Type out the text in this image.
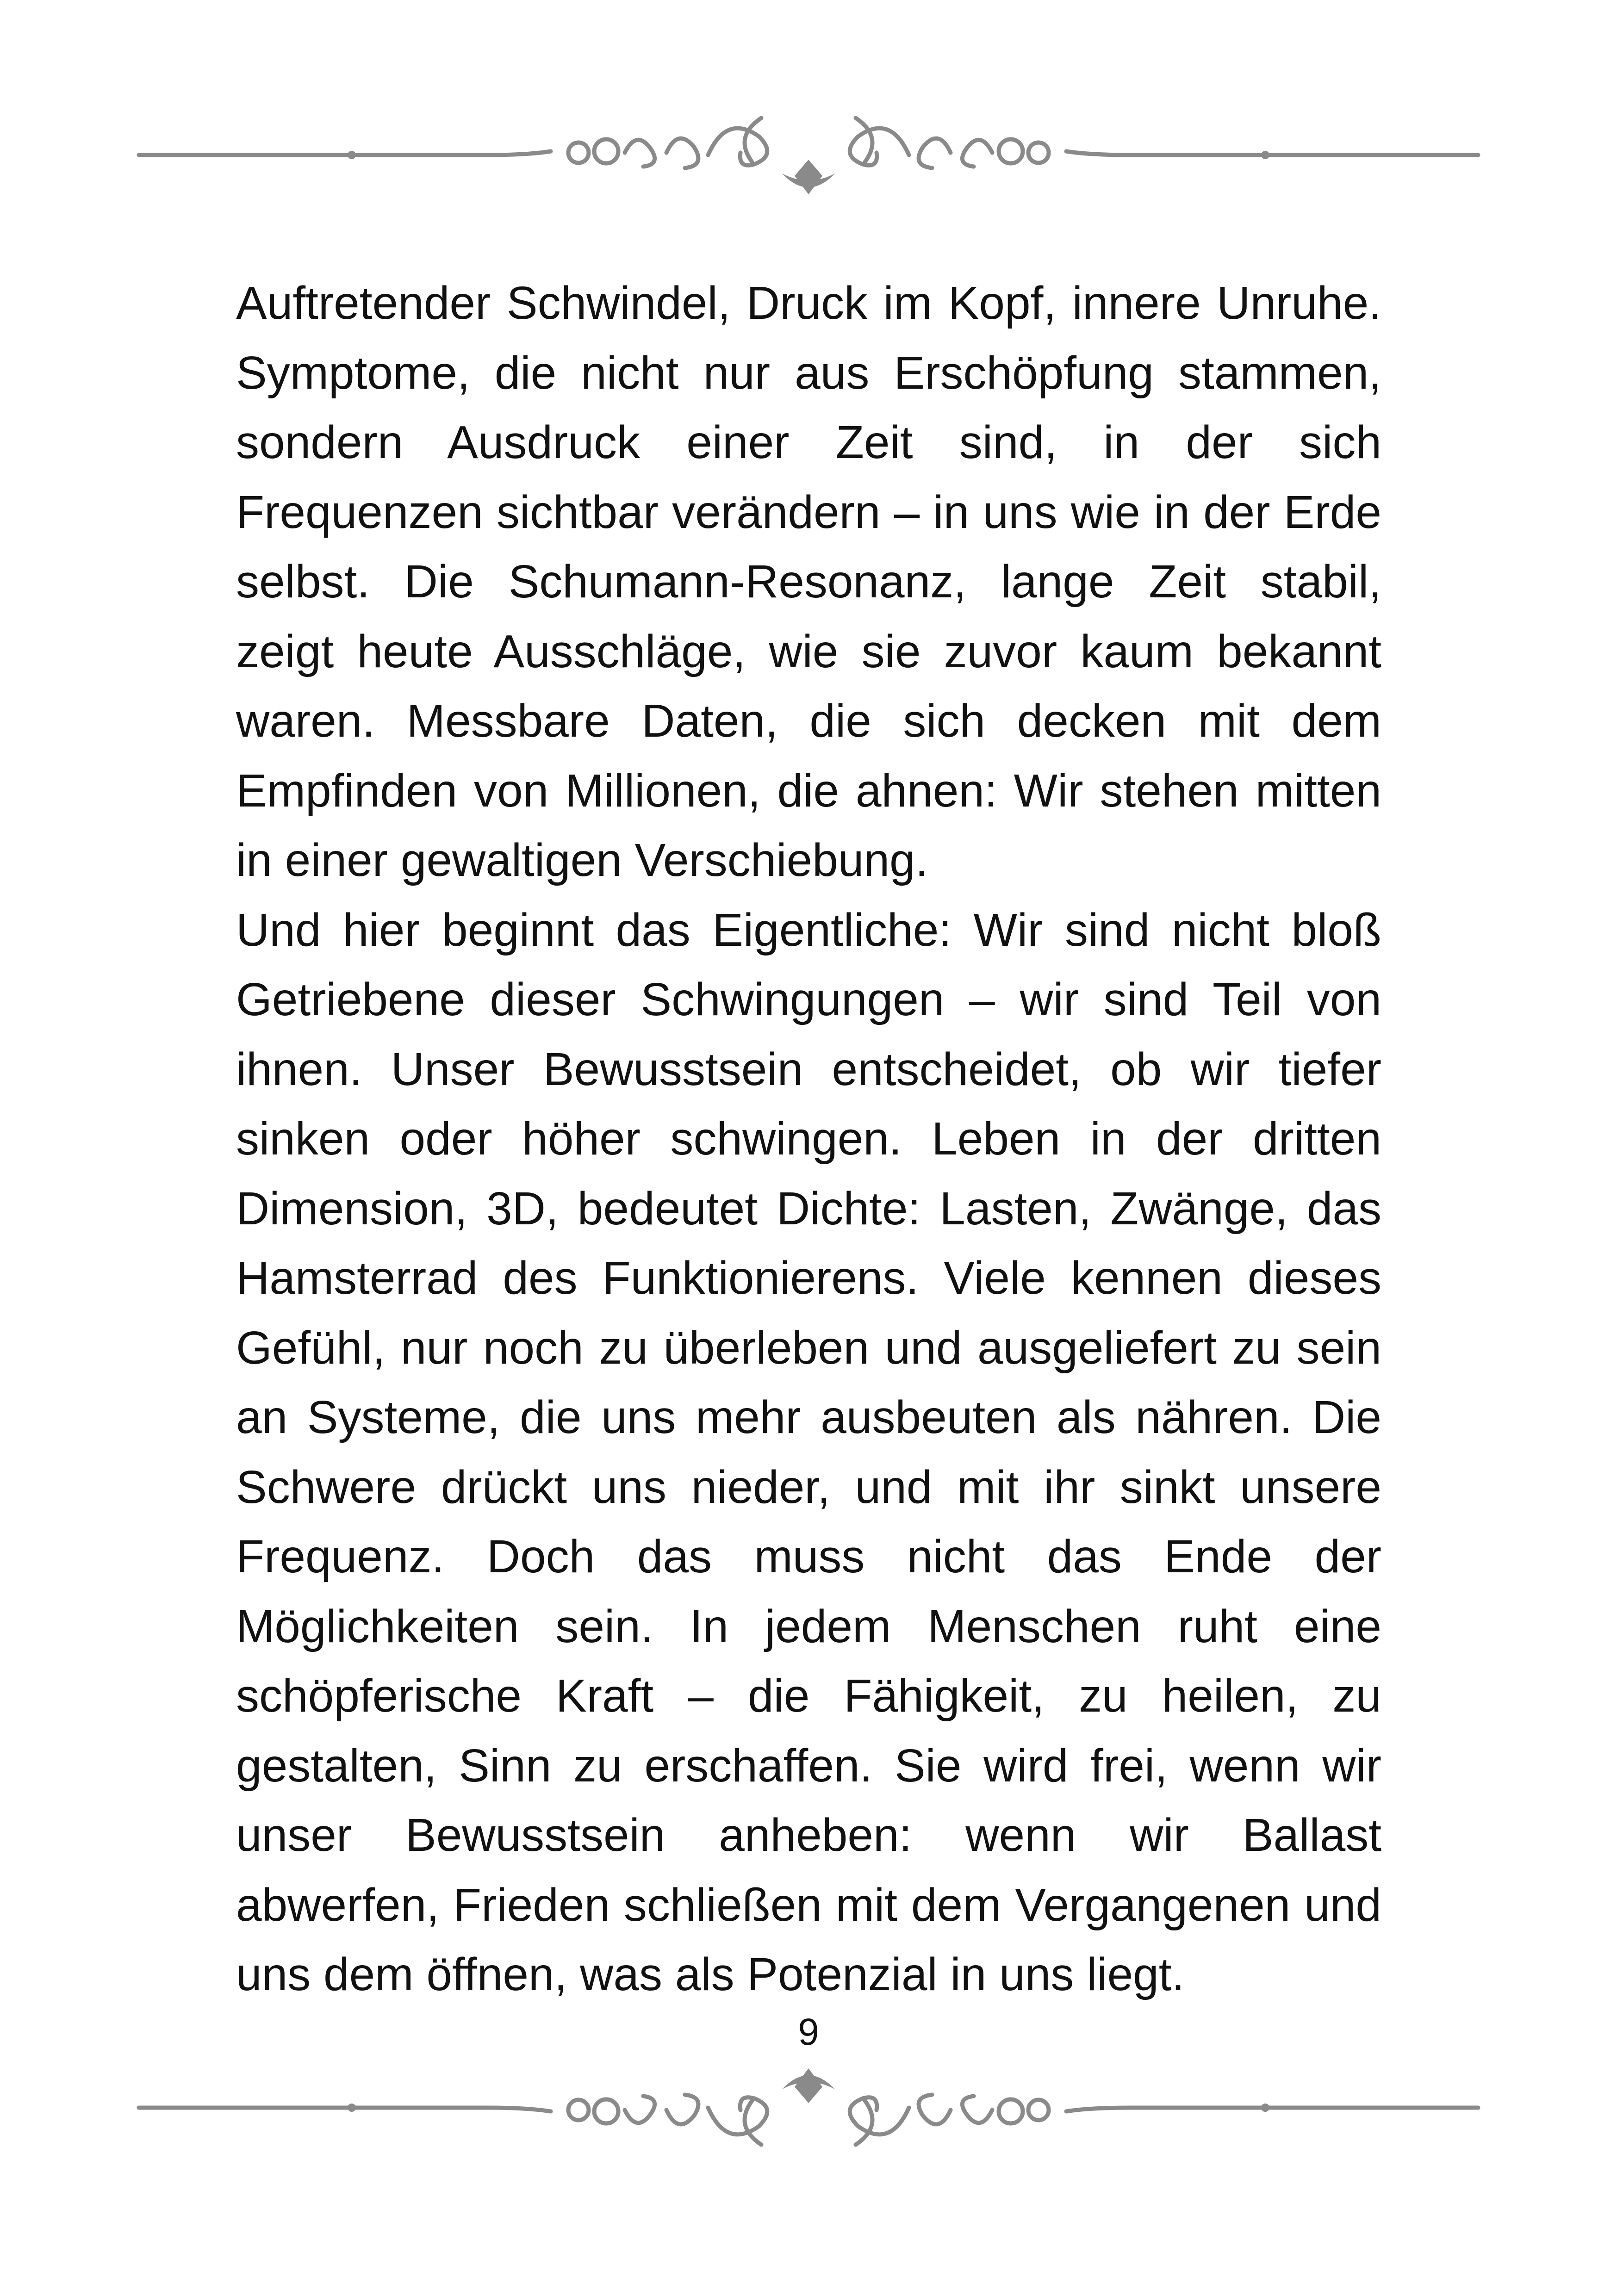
Auftretender Schwindel, Druck im Kopf, innere Unruhe. Symptome, die nicht nur aus Erschöpfung stammen, sondern Ausdruck einer Zeit sind, in der sich Frequenzen sichtbar verändern – in uns wie in der Erde selbst. Die Schumann-Resonanz, lange Zeit stabil, zeigt heute Ausschläge, wie sie zuvor kaum bekannt waren. Messbare Daten, die sich decken mit dem Empfinden von Millionen, die ahnen: Wir stehen mitten in einer gewaltigen Verschiebung.

Und hier beginnt das Eigentliche: Wir sind nicht bloß Getriebene dieser Schwingungen – wir sind Teil von ihnen. Unser Bewusstsein entscheidet, ob wir tiefer sinken oder höher schwingen. Leben in der dritten Dimension, 3D, bedeutet Dichte: Lasten, Zwänge, das Hamsterrad des Funktionierens. Viele kennen dieses Gefühl, nur noch zu überleben und ausgeliefert zu sein an Systeme, die uns mehr ausbeuten als nähren. Die Schwere drückt uns nieder, und mit ihr sinkt unsere Frequenz. Doch das muss nicht das Ende der Möglichkeiten sein. In jedem Menschen ruht eine schöpferische Kraft – die Fähigkeit, zu heilen, zu gestalten, Sinn zu erschaffen. Sie wird frei, wenn wir unser Bewusstsein anheben: wenn wir Ballast abwerfen, Frieden schließen mit dem Vergangenen und uns dem öffnen, was als Potenzial in uns liegt.

9
